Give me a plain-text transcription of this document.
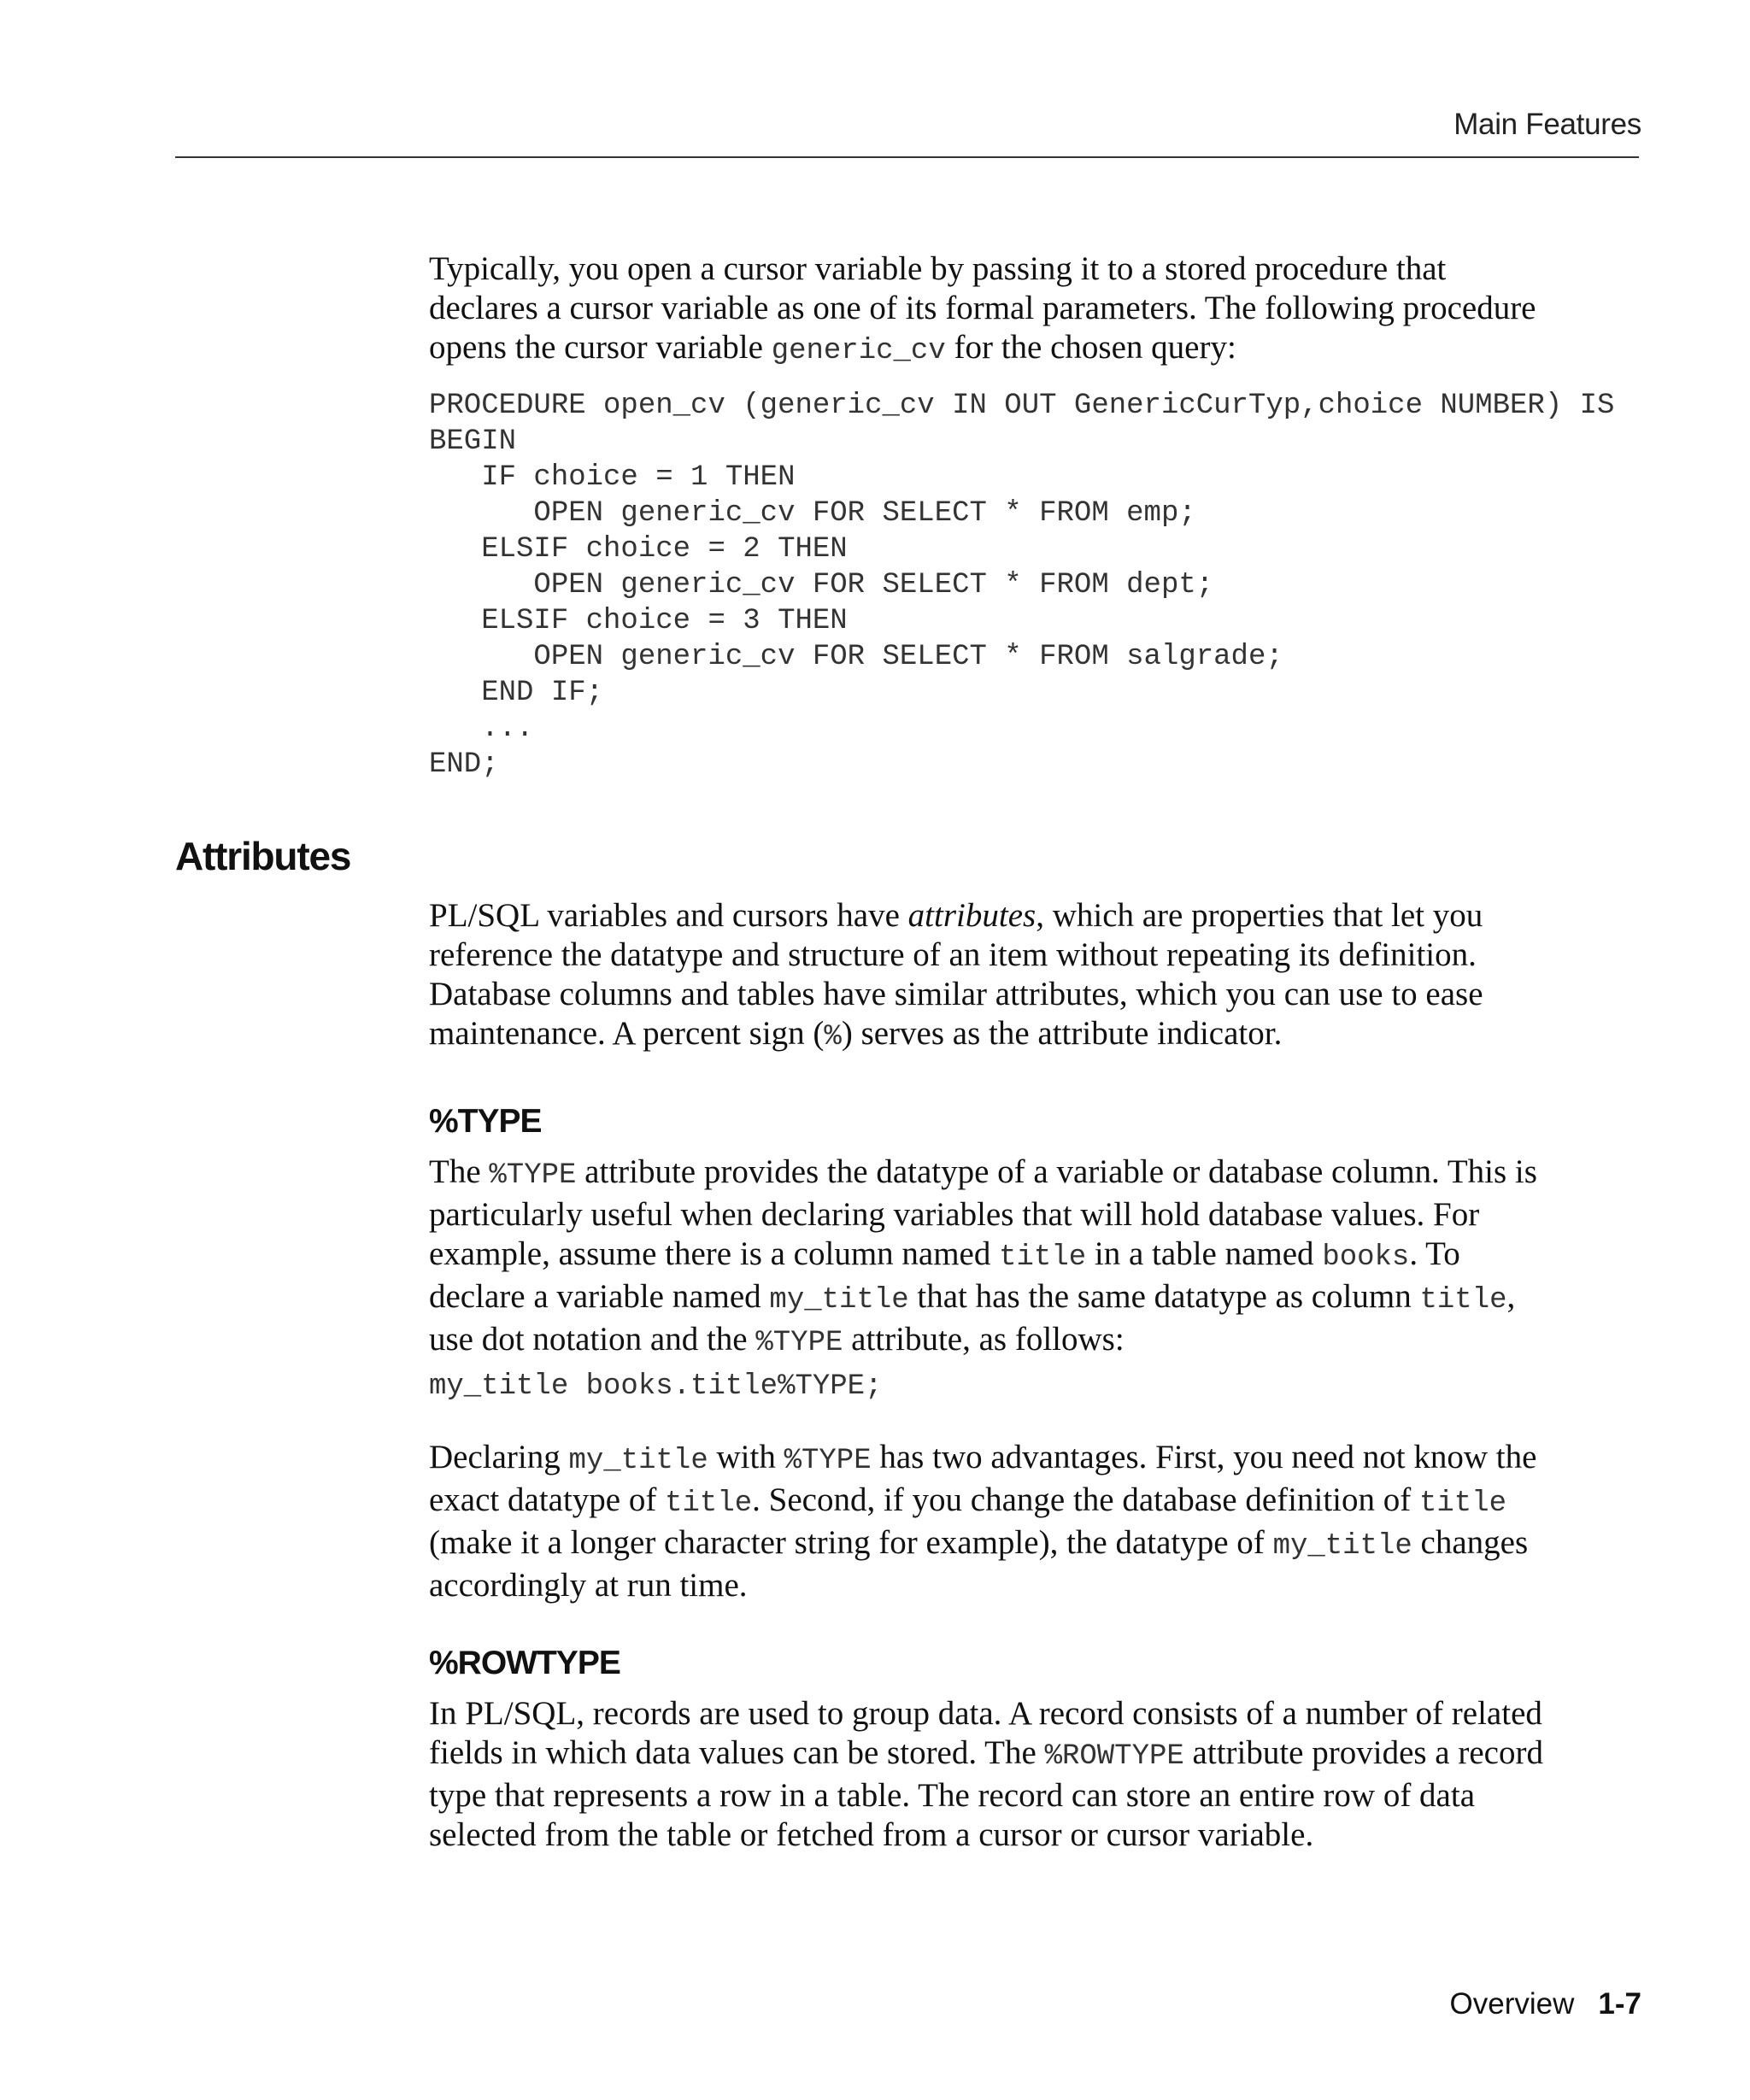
Main Features

Typically, you open a cursor variable by passing it to a stored procedure that

declares a cursor variable as one of its formal parameters. The following procedure

opens the cursor variable generic_cv for the chosen query:

PROCEDURE open_cv (generic_cv IN OUT GenericCurTyp,choice NUMBER) IS
BEGIN
IF choice = 1 THEN
OPEN generic_cv FOR SELECT * FROM emp;
ELSIF choice = 2 THEN
OPEN generic_cv FOR SELECT * FROM dept;
ELSIF choice = 3 THEN
OPEN generic_cv FOR SELECT * FROM salgrade;
END IF;
...
END;
Attributes

PL/SQL variables and cursors have attributes, which are properties that let you

reference the datatype and structure of an item without repeating its definition.

Database columns and tables have similar attributes, which you can use to ease

maintenance. A percent sign (%) serves as the attribute indicator.

%TYPE

The %TYPE attribute provides the datatype of a variable or database column. This is

particularly useful when declaring variables that will hold database values. For

example, assume there is a column named title in a table named books. To

declare a variable named my_title that has the same datatype as column title,

use dot notation and the %TYPE attribute, as follows:

my_title books.title%TYPE;

Declaring my_title with %TYPE has two advantages. First, you need not know the

exact datatype of title. Second, if you change the database definition of title

(make it a longer character string for example), the datatype of my_title changes

accordingly at run time.

%ROWTYPE

In PL/SQL, records are used to group data. A record consists of a number of related

fields in which data values can be stored. The %ROWTYPE attribute provides a record

type that represents a row in a table. The record can store an entire row of data

selected from the table or fetched from a cursor or cursor variable.

Overview 1-7
